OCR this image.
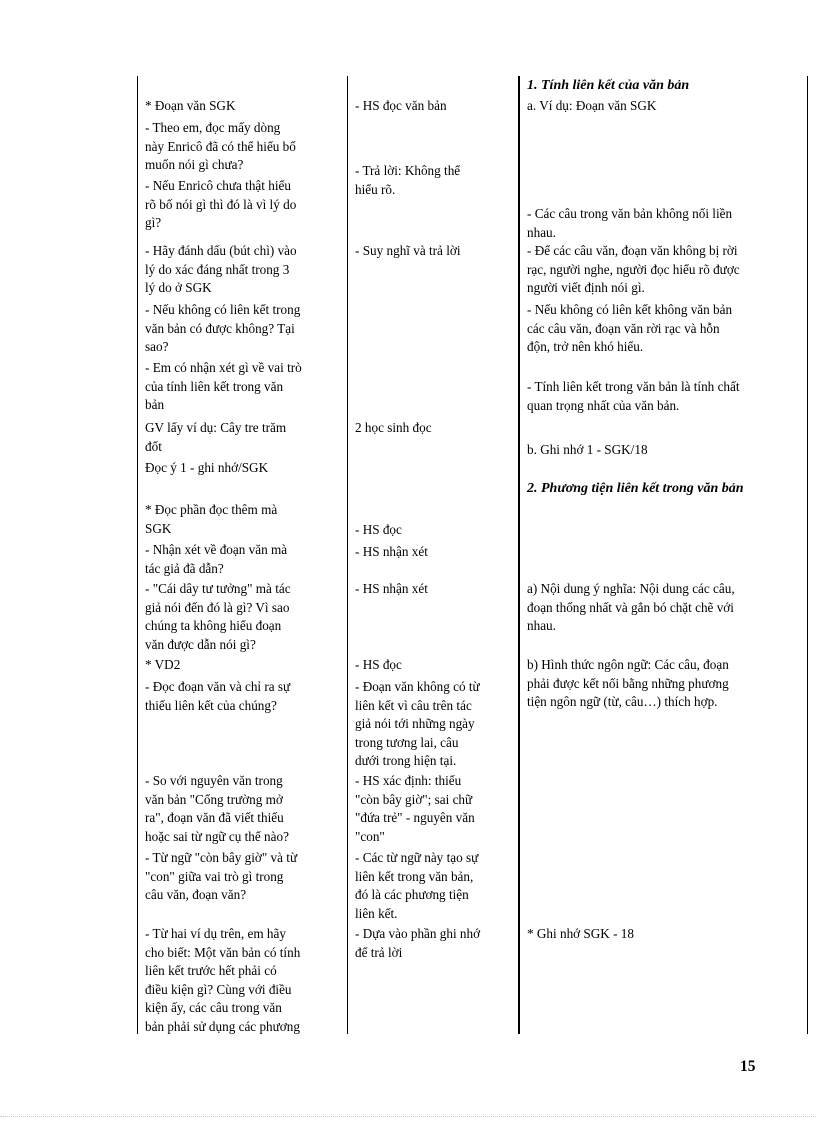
* Đoạn văn SGK
- Theo em, đọc mấy dòng
này Enricô đã có thể hiểu bố
muốn nói gì chưa?
- Nếu Enricô chưa thật hiểu
rõ bố nói gì thì đó là vì lý do
gì?
- Hãy đánh dấu (bút chì) vào
lý do xác đáng nhất trong 3
lý do ở SGK
- Nếu không có liên kết trong
văn bản có được không? Tại
sao?
- Em có nhận xét gì về vai trò
của tính liên kết trong văn
bản
GV lấy ví dụ: Cây tre trăm
đốt
Đọc ý 1 - ghi nhớ/SGK
* Đọc phần đọc thêm mà
SGK
- Nhận xét về đoạn văn mà
tác giả đã dẫn?
- "Cái dây tư tưởng" mà tác
giả nói đến đó là gì? Vì sao
chúng ta không hiểu đoạn
văn được dẫn nói gì?
* VD2
- Đọc đoạn văn và chỉ ra sự
thiếu liên kết của chúng?
- So với nguyên văn trong
văn bản "Cổng trường mở
ra", đoạn văn đã viết thiếu
hoặc sai từ ngữ cụ thể nào?
- Từ ngữ "còn bây giờ" và từ
"con" giữa vai trò gì trong
câu văn, đoạn văn?
- Từ hai ví dụ trên, em hãy
cho biết: Một văn bản có tính
liên kết trước hết phải có
điều kiện gì? Cùng với điều
kiện ấy, các câu trong văn
bản phải sử dụng các phương
- HS đọc văn bản
- Trả lời: Không thể
hiểu rõ.
- Suy nghĩ và trả lời
2 học sinh đọc
- HS đọc
- HS nhận xét
- HS nhận xét
- HS đọc
- Đoạn văn không có từ
liên kết vì câu trên tác
giả nói tới những ngày
trong tương lai, câu
dưới trong hiện tại.
- HS xác định: thiếu
"còn bây giờ"; sai chữ
"đứa trẻ" - nguyên văn
"con"
- Các từ ngữ này tạo sự
liên kết trong văn bản,
đó là các phương tiện
liên kết.
- Dựa vào phần ghi nhớ
để trả lời
1. Tính liên kết của văn bản
a. Ví dụ: Đoạn văn SGK
- Các câu trong văn bản không nối liền
nhau.
- Để các câu văn, đoạn văn không bị rời
rạc, người nghe, người đọc hiểu rõ được
người viết định nói gì.
- Nếu không có liên kết không văn bản
các câu văn, đoạn văn rời rạc và hỗn
độn, trở nên khó hiểu.
- Tính liên kết trong văn bản là tính chất
quan trọng nhất của văn bản.
b. Ghi nhớ 1 - SGK/18
2. Phương tiện liên kết trong văn bản
a) Nội dung ý nghĩa: Nội dung các câu,
đoạn thống nhất và gắn bó chặt chẽ với
nhau.
b) Hình thức ngôn ngữ: Các câu, đoạn
phải được kết nối bằng những phương
tiện ngôn ngữ (từ, câu…) thích hợp.
* Ghi nhớ SGK - 18
15
